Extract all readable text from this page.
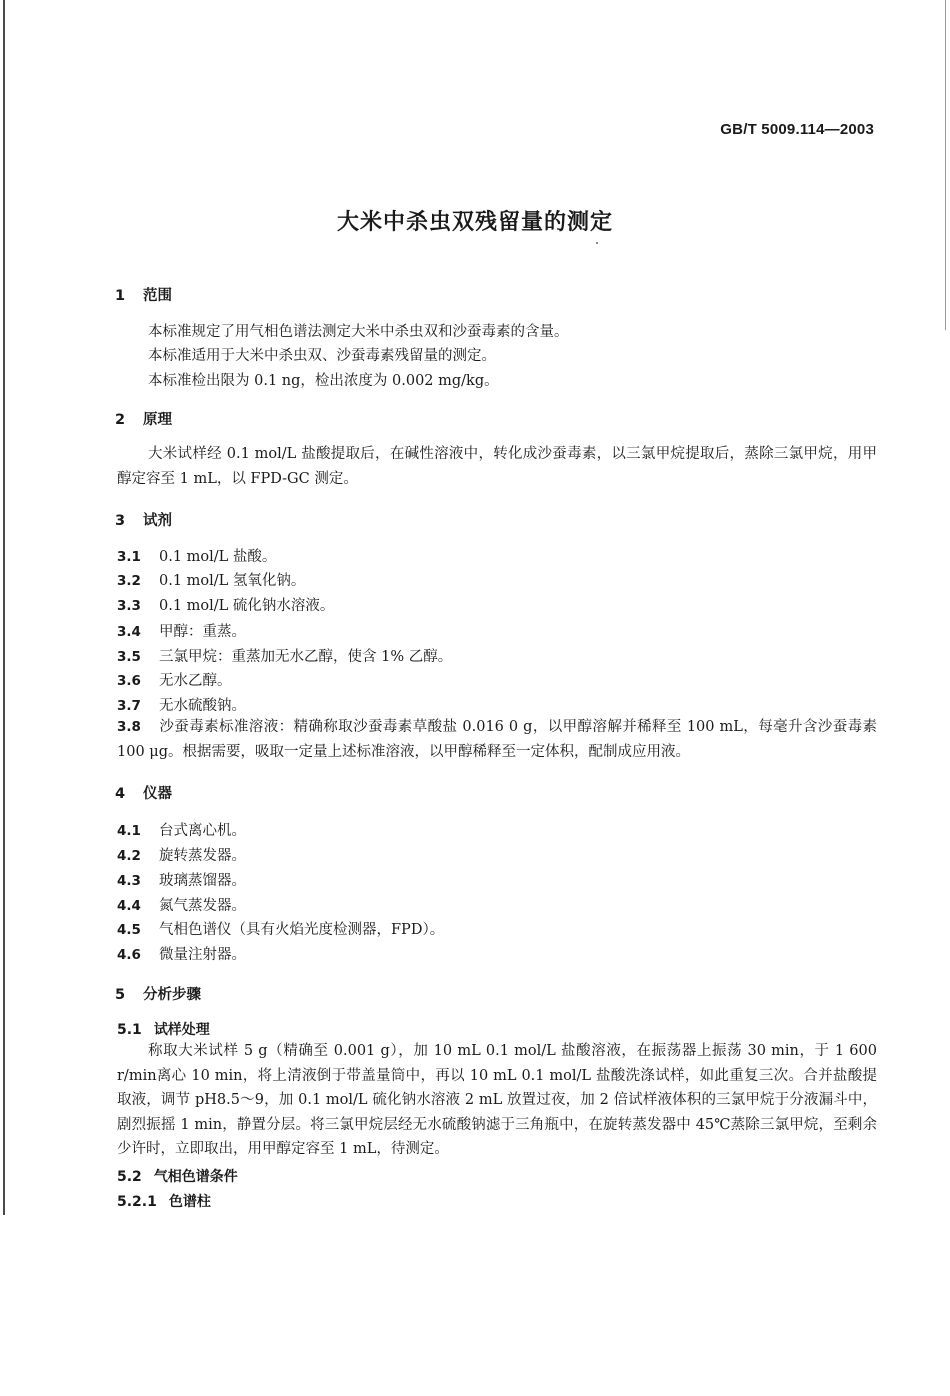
GB/T 5009.114—2003
大米中杀虫双残留量的测定
1 范围
本标准规定了用气相色谱法测定大米中杀虫双和沙蚕毒素的含量。
本标准适用于大米中杀虫双、沙蚕毒素残留量的测定。
本标准检出限为 0.1 ng，检出浓度为 0.002 mg/kg。
2 原理
大米试样经 0.1 mol/L 盐酸提取后，在碱性溶液中，转化成沙蚕毒素，以三氯甲烷提取后，蒸除三氯甲烷，用甲醇定容至 1 mL，以 FPD-GC 测定。
3 试剂
3.1 0.1 mol/L 盐酸。
3.2 0.1 mol/L 氢氧化钠。
3.3 0.1 mol/L 硫化钠水溶液。
3.4 甲醇：重蒸。
3.5 三氯甲烷：重蒸加无水乙醇，使含 1% 乙醇。
3.6 无水乙醇。
3.7 无水硫酸钠。
3.8 沙蚕毒素标准溶液：精确称取沙蚕毒素草酸盐 0.016 0 g，以甲醇溶解并稀释至 100 mL，每毫升含沙蚕毒素 100 μg。根据需要，吸取一定量上述标准溶液，以甲醇稀释至一定体积，配制成应用液。
4 仪器
4.1 台式离心机。
4.2 旋转蒸发器。
4.3 玻璃蒸馏器。
4.4 氮气蒸发器。
4.5 气相色谱仪（具有火焰光度检测器，FPD）。
4.6 微量注射器。
5 分析步骤
5.1 试样处理
称取大米试样 5 g（精确至 0.001 g），加 10 mL 0.1 mol/L 盐酸溶液，在振荡器上振荡 30 min，于 1 600 r/min离心 10 min，将上清液倒于带盖量筒中，再以 10 mL 0.1 mol/L 盐酸洗涤试样，如此重复三次。合并盐酸提取液，调节 pH8.5～9，加 0.1 mol/L 硫化钠水溶液 2 mL 放置过夜，加 2 倍试样液体积的三氯甲烷于分液漏斗中，剧烈振摇 1 min，静置分层。将三氯甲烷层经无水硫酸钠滤于三角瓶中，在旋转蒸发器中 45℃蒸除三氯甲烷，至剩余少许时，立即取出，用甲醇定容至 1 mL，待测定。
5.2 气相色谱条件
5.2.1 色谱柱
